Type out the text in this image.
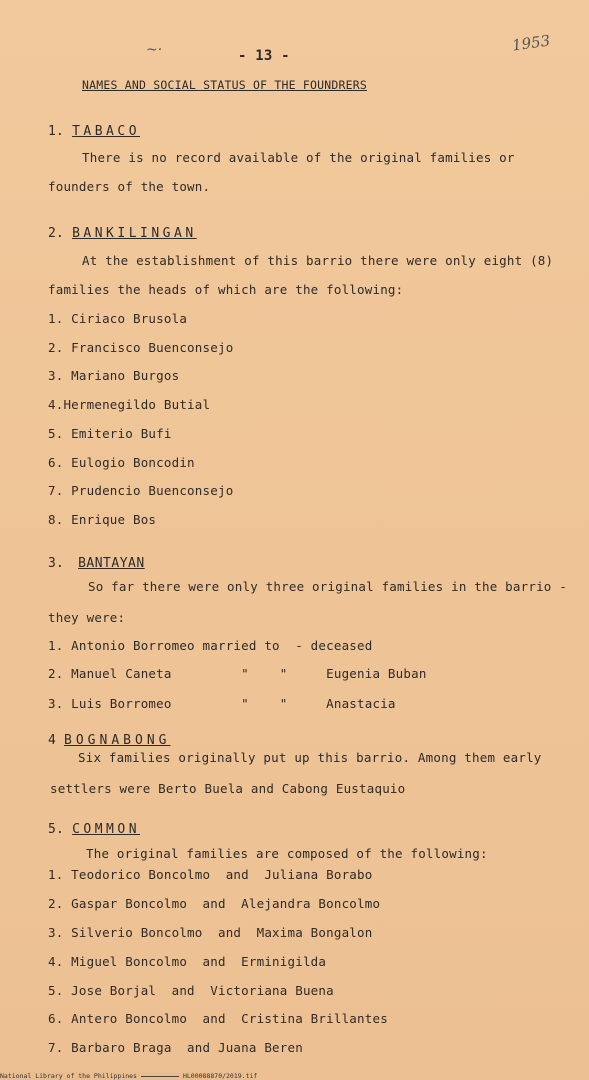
~·	1953
- 13 -
NAMES AND SOCIAL STATUS OF THE FOUNDRERS
1. TABACO
There is no record available of the original families or
founders of the town.
2. BANKILINGAN
At the establishment of this barrio there were only eight (8)
families the heads of which are the following:
1. Ciriaco Brusola
2. Francisco Buenconsejo
3. Mariano Burgos
4.Hermenegildo Butial
5. Emiterio Bufi
6. Eulogio Boncodin
7. Prudencio Buenconsejo
8. Enrique Bos
3. BANTAYAN
So far there were only three original families in the barrio -
they were:
1. Antonio Borromeo married to  - deceased
2. Manuel Caneta         "    "     Eugenia Buban
3. Luis Borromeo         "    "     Anastacia
4 BOGNABONG
Six families originally put up this barrio. Among them early
settlers were Berto Buela and Cabong Eustaquio
5. COMMON
The original families are composed of the following:
1. Teodorico Boncolmo  and  Juliana Borabo
2. Gaspar Boncolmo  and  Alejandra Boncolmo
3. Silverio Boncolmo  and  Maxima Bongalon
4. Miguel Boncolmo  and  Erminigilda
5. Jose Borjal  and  Victoriana Buena
6. Antero Boncolmo  and  Cristina Brillantes
7. Barbaro Braga  and Juana Beren
National Library of the Philippines	HL00088870/2019.tif
